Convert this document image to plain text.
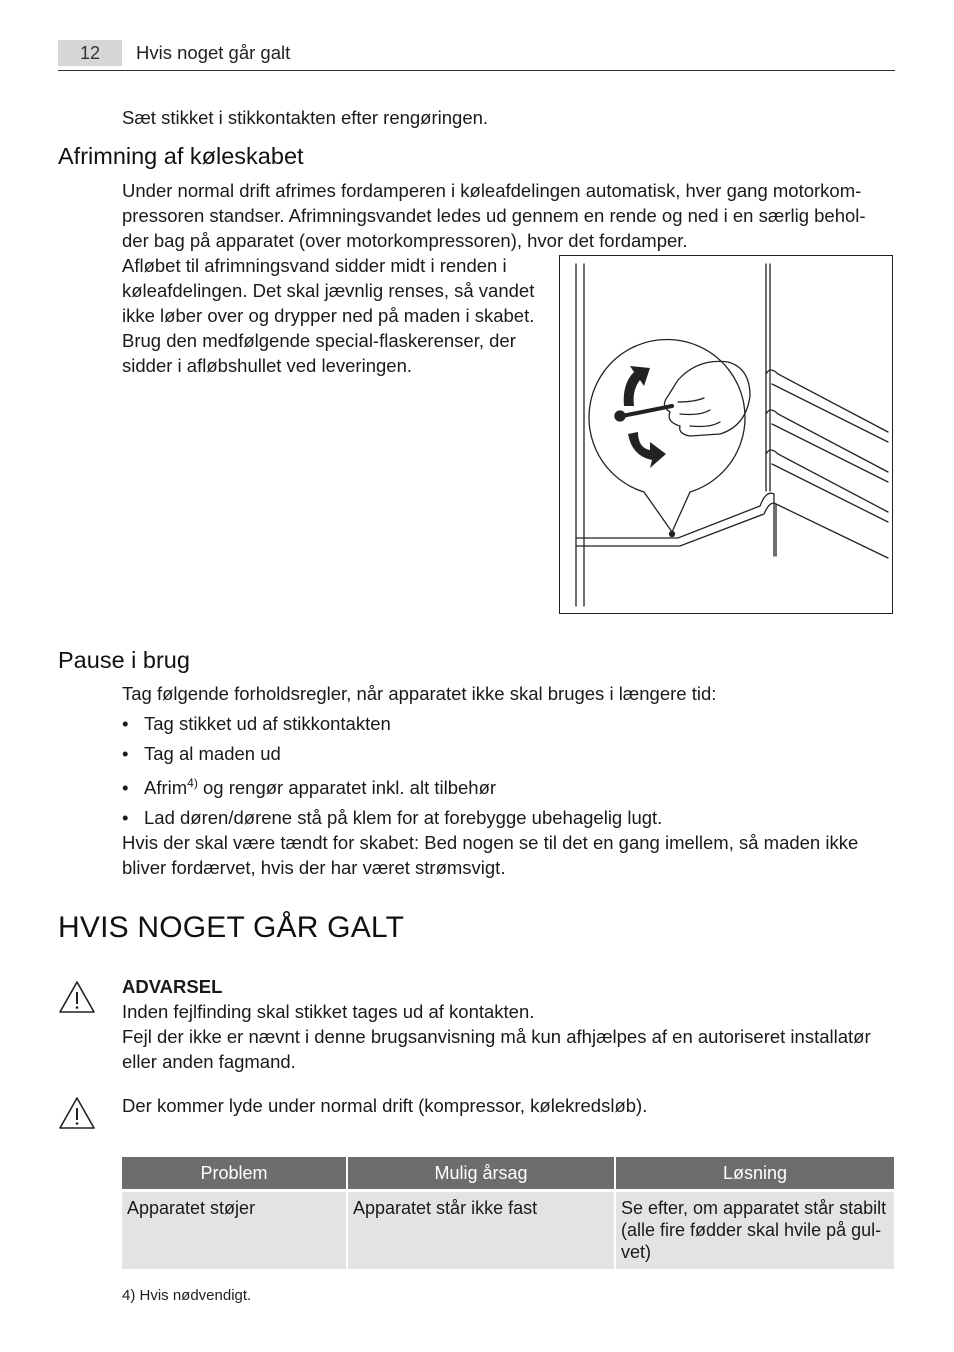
12	Hvis noget går galt
Sæt stikket i stikkontakten efter rengøringen.
Afrimning af køleskabet
Under normal drift afrimes fordamperen i køleafdelingen automatisk, hver gang motorkom-
pressoren standser. Afrimningsvandet ledes ud gennem en rende og ned i en særlig behol-
der bag på apparatet (over motorkompressoren), hvor det fordamper.
Afløbet til afrimningsvand sidder midt i renden i
køleafdelingen. Det skal jævnlig renses, så vandet
ikke løber over og drypper ned på maden i skabet.
Brug den medfølgende special-flaskerenser, der
sidder i afløbshullet ved leveringen.
Pause i brug
Tag følgende forholdsregler, når apparatet ikke skal bruges i længere tid:
• Tag stikket ud af stikkontakten
• Tag al maden ud
• Afrim$^{4)}$ og rengør apparatet inkl. alt tilbehør
• Lad døren/dørene stå på klem for at forebygge ubehagelig lugt.
Hvis der skal være tændt for skabet: Bed nogen se til det en gang imellem, så maden ikke
bliver fordærvet, hvis der har været strømsvigt.
HVIS NOGET GÅR GALT
ADVARSEL
Inden fejlfinding skal stikket tages ud af kontakten.
Fejl der ikke er nævnt i denne brugsanvisning må kun afhjælpes af en autoriseret installatør
eller anden fagmand.
Der kommer lyde under normal drift (kompressor, kølekredsløb).
Problem	Mulig årsag	Løsning

Apparatet støjer	Apparatet står ikke fast	Se efter, om apparatet står stabilt
(alle fire fødder skal hvile på gul-
vet)
4) Hvis nødvendigt.
